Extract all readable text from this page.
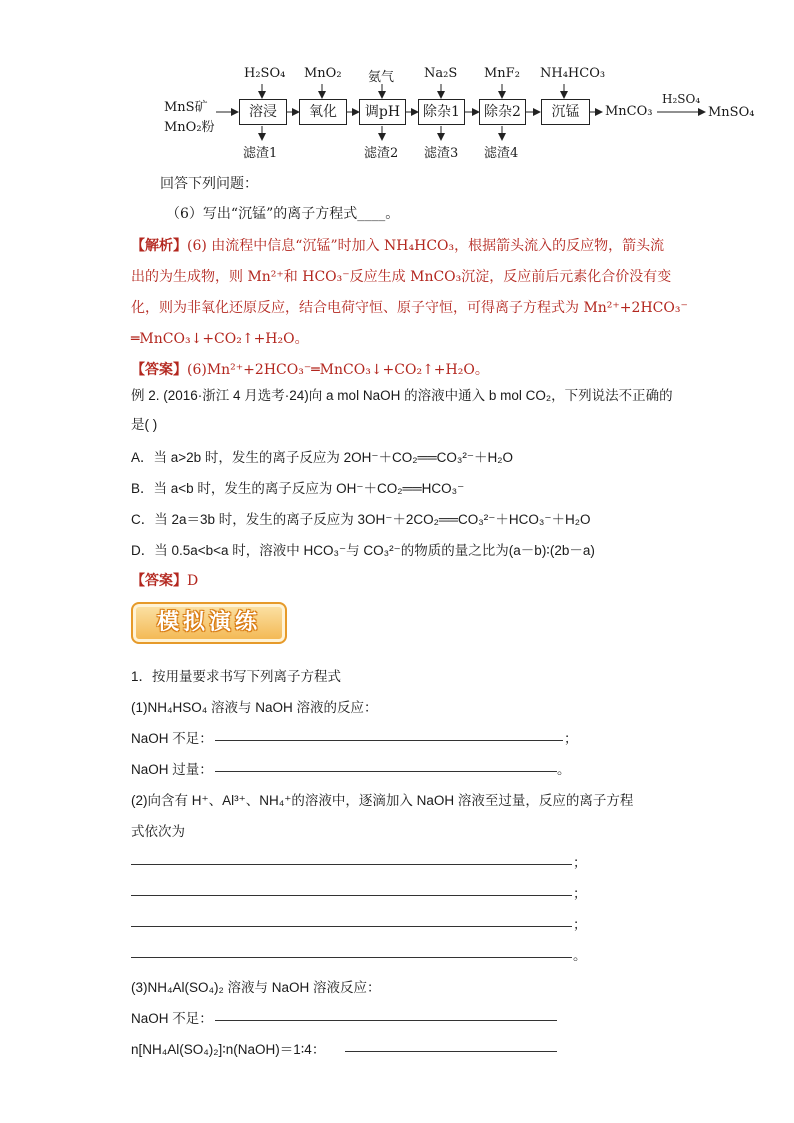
MnS矿
MnO₂粉
溶浸	氧化	调pH	除杂1	除杂2	沉锰
H₂SO₄ MnO₂ 氨气 Na₂S MnF₂ NH₄HCO₃
滤渣1	滤渣2 滤渣3 滤渣4
MnCO₃
H₂SO₄
MnSO₄
回答下列问题：
（6）写出“沉锰”的离子方程式____。
【解析】(6) 由流程中信息“沉锰”时加入 NH₄HCO₃，根据箭头流入的反应物，箭头流
出的为生成物，则 Mn²⁺和 HCO₃⁻反应生成 MnCO₃沉淀，反应前后元素化合价没有变
化，则为非氧化还原反应，结合电荷守恒、原子守恒，可得离子方程式为 Mn²⁺+2HCO₃⁻
═MnCO₃↓+CO₂↑+H₂O。
【答案】(6)Mn²⁺+2HCO₃⁻═MnCO₃↓+CO₂↑+H₂O。
例 2. (2016·浙江 4 月选考·24)向 a mol NaOH 的溶液中通入 b mol CO₂，下列说法不正确的
是( )
A．当 a>2b 时，发生的离子反应为 2OH⁻＋CO₂══CO₃²⁻＋H₂O
B．当 a<b 时，发生的离子反应为 OH⁻＋CO₂══HCO₃⁻
C．当 2a＝3b 时，发生的离子反应为 3OH⁻＋2CO₂══CO₃²⁻＋HCO₃⁻＋H₂O
D．当 0.5a<b<a 时，溶液中 HCO₃⁻与 CO₃²⁻的物质的量之比为(a－b)∶(2b－a)
【答案】D
模拟演练
1．按用量要求书写下列离子方程式
(1)NH₄HSO₄ 溶液与 NaOH 溶液的反应：
NaOH 不足：	；
NaOH 过量：	。
(2)向含有 H⁺、Al³⁺、NH₄⁺的溶液中，逐滴加入 NaOH 溶液至过量，反应的离子方程
式依次为
；
；
；
。
(3)NH₄Al(SO₄)₂ 溶液与 NaOH 溶液反应：
NaOH 不足：
n[NH₄Al(SO₄)₂]∶n(NaOH)＝1∶4：
